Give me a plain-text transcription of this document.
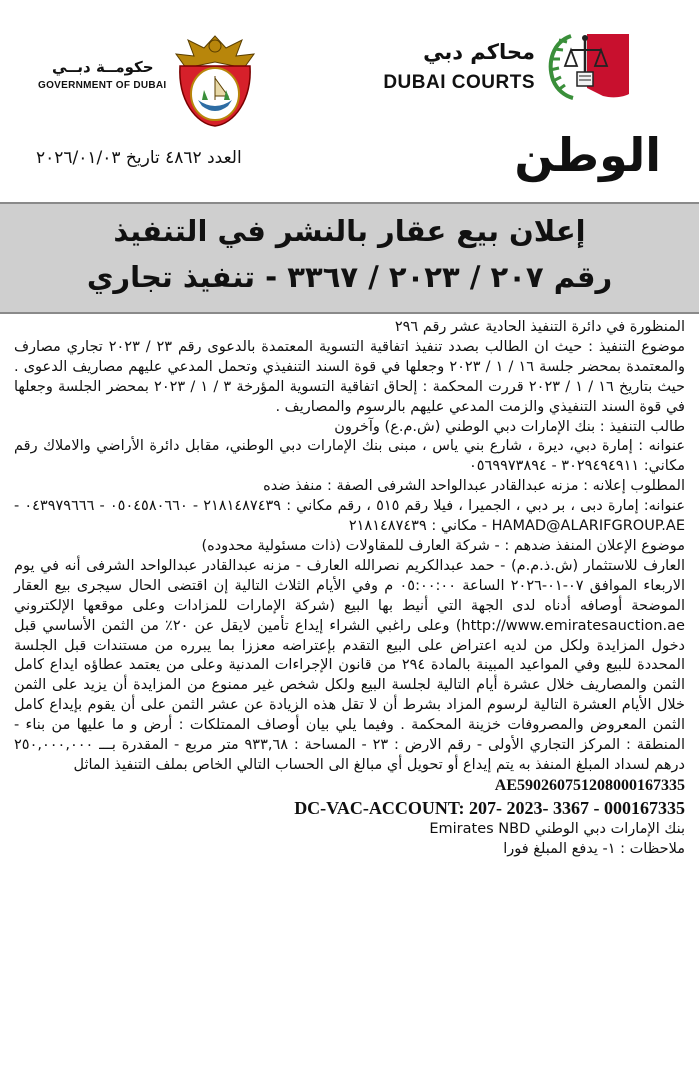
محاكم دبي
DUBAI COURTS
حكومــة دبــي
GOVERNMENT OF DUBAI
الوطن
العدد ٤٨٦٢ تاريخ ٢٠٢٦/٠١/٠٣
إعلان بيع عقار بالنشر في التنفيذ
رقم ٢٠٧ / ٢٠٢٣ / ٣٣٦٧ - تنفيذ تجاري

المنظورة في دائرة التنفيذ الحادية عشر رقم ٢٩٦

موضوع التنفيذ : حيث ان الطالب بصدد تنفيذ اتفاقية التسوية المعتمدة بالدعوى رقم ٢٣ / ٢٠٢٣ تجاري مصارف والمعتمدة بمحضر جلسة ١٦ / ١ / ٢٠٢٣ وجعلها في قوة السند التنفيذي وتحمل المدعي عليهم مصاريف الدعوى . حيث بتاريخ ١٦ / ١ / ٢٠٢٣ قررت المحكمة : إلحاق اتفاقية التسوية المؤرخة ٣ / ١ / ٢٠٢٣ بمحضر الجلسة وجعلها في قوة السند التنفيذي والزمت المدعي عليهم بالرسوم والمصاريف .

طالب التنفيذ : بنك الإمارات دبي الوطني (ش.م.ع) وآخرون

عنوانه : إمارة دبي، ديرة ، شارع بني ياس ، مبنى بنك الإمارات دبي الوطني، مقابل دائرة الأراضي والاملاك رقم مكاني: ٣٠٢٩٤٩٤٩١١ - ٠٥٦٩٩٧٣٨٩٤

المطلوب إعلانه : مزنه عبدالقادر عبدالواحد الشرفى الصفة : منفذ ضده

عنوانه: إمارة دبى ، بر دبي ، الجميرا ، فيلا رقم ٥١٥ ، رقم مكاني : ٢١٨١٤٨٧٤٣٩ - ٠٥٠٤٥٨٠٦٦٠ - ٠٤٣٩٧٩٦٦٦ - HAMAD@ALARIFGROUP.AE - مكاني : ٢١٨١٤٨٧٤٣٩

موضوع الإعلان المنفذ ضدهم : - شركة العارف للمقاولات (ذات مسئولية محدوده)

العارف للاستثمار (ش.ذ.م.م) - حمد عبدالكريم نصرالله العارف - مزنه عبدالقادر عبدالواحد الشرفى أنه في يوم الاربعاء الموافق ٠٧-٠١-٢٠٢٦ الساعة ٠٥:٠٠:٠٠ م وفي الأيام الثلاث التالية إن اقتضى الحال سيجرى بيع العقار الموضحة أوصافه أدناه لدى الجهة التي أنيط بها البيع (شركة الإمارات للمزادات وعلى موقعها الإلكتروني http://www.emiratesauction.ae) وعلى راغبي الشراء إيداع تأمين لايقل عن ٢٠٪ من الثمن الأساسي قبل دخول المزايدة ولكل من لديه اعتراض على البيع التقدم بإعتراضه معززا بما يبرره من مستندات قبل الجلسة المحددة للبيع وفي المواعيد المبينة بالمادة ٢٩٤ من قانون الإجراءات المدنية وعلى من يعتمد عطاؤه ايداع كامل الثمن والمصاريف خلال عشرة أيام التالية لجلسة البيع ولكل شخص غير ممنوع من المزايدة أن يزيد على الثمن خلال الأيام العشرة التالية لرسوم المزاد بشرط أن لا تقل هذه الزيادة عن عشر الثمن على أن يقوم بإيداع كامل الثمن المعروض والمصروفات خزينة المحكمة . وفيما يلي بيان أوصاف الممتلكات : أرض و ما عليها من بناء - المنطقة : المركز التجاري الأولى - رقم الارض : ٢٣ - المساحة : ٩٣٣,٦٨ متر مربع - المقدرة بـــ ٢٥٠,٠٠٠,٠٠٠ درهم لسداد المبلغ المنفذ به يتم إيداع أو تحويل أي مبالغ الى الحساب التالي الخاص بملف التنفيذ الماثل

AE590260751208000167335

DC-VAC-ACCOUNT: 207- 2023- 3367 - 000167335

بنك الإمارات دبي الوطني Emirates NBD

ملاحظات : ١- يدفع المبلغ فورا
